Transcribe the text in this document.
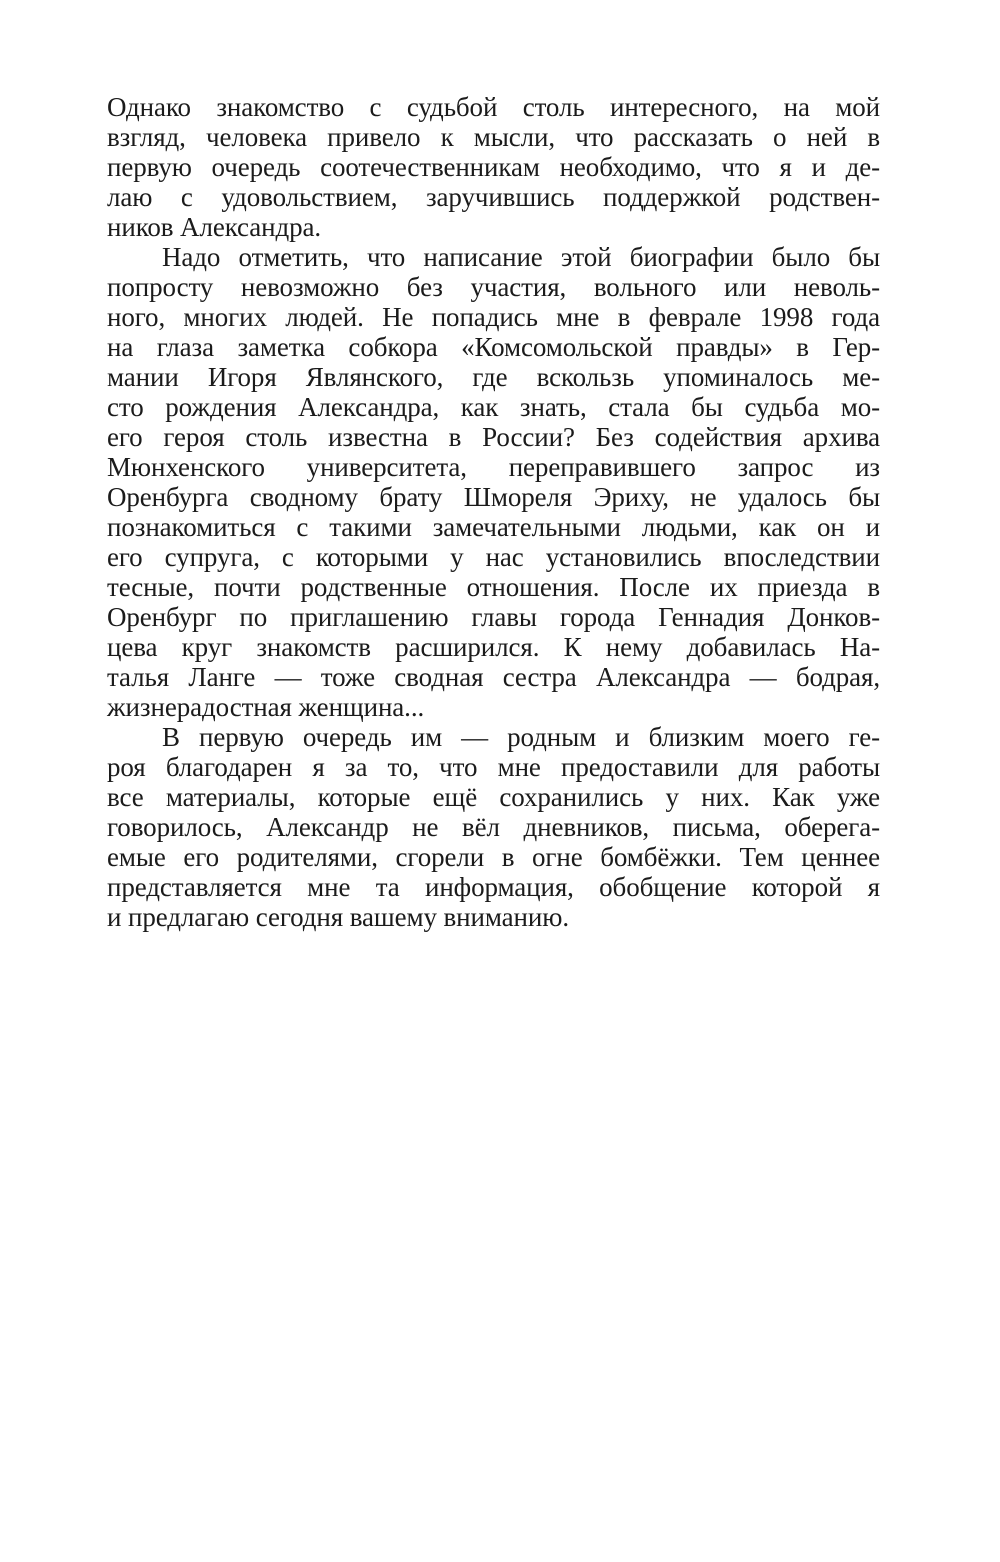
Однако знакомство с судьбой столь интересного, на мой
взгляд, человека привело к мысли, что рассказать о ней в
первую очередь соотечественникам необходимо, что я и де-
лаю с удовольствием, заручившись поддержкой родствен-
ников Александра.
Надо отметить, что написание этой биографии было бы
попросту невозможно без участия, вольного или неволь-
ного, многих людей. Не попадись мне в феврале 1998 года
на глаза заметка собкора «Комсомольской правды» в Гер-
мании Игоря Являнского, где вскользь упоминалось ме-
сто рождения Александра, как знать, стала бы судьба мо-
его героя столь известна в России? Без содействия архива
Мюнхенского университета, переправившего запрос из
Оренбурга сводному брату Шмореля Эриху, не удалось бы
познакомиться с такими замечательными людьми, как он и
его супруга, с которыми у нас установились впоследствии
тесные, почти родственные отношения. После их приезда в
Оренбург по приглашению главы города Геннадия Донков-
цева круг знакомств расширился. К нему добавилась На-
талья Ланге — тоже сводная сестра Александра — бодрая,
жизнерадостная женщина...
В первую очередь им — родным и близким моего ге-
роя благодарен я за то, что мне предоставили для работы
все материалы, которые ещё сохранились у них. Как уже
говорилось, Александр не вёл дневников, письма, оберега-
емые его родителями, сгорели в огне бомбёжки. Тем ценнее
представляется мне та информация, обобщение которой я
и предлагаю сегодня вашему вниманию.
